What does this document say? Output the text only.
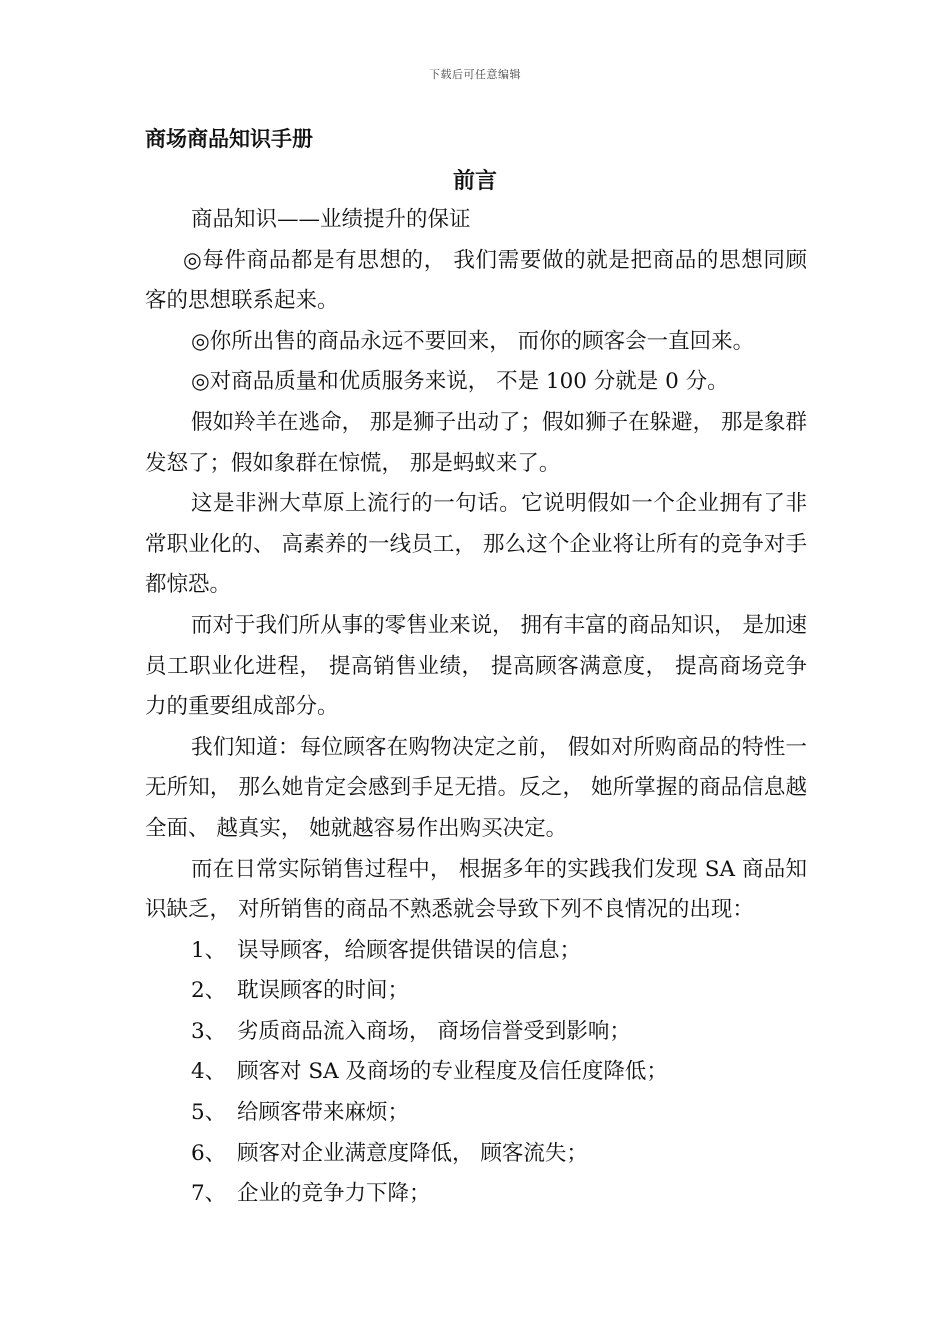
下载后可任意编辑
商场商品知识手册
前言

商品知识——业绩提升的保证

◎每件商品都是有思想的， 我们需要做的就是把商品的思想同顾客的思想联系起来。

◎你所出售的商品永远不要回来， 而你的顾客会一直回来。

◎对商品质量和优质服务来说， 不是 100 分就是 0 分。

假如羚羊在逃命， 那是狮子出动了；假如狮子在躲避， 那是象群发怒了；假如象群在惊慌， 那是蚂蚁来了。

这是非洲大草原上流行的一句话。它说明假如一个企业拥有了非常职业化的、 高素养的一线员工， 那么这个企业将让所有的竞争对手都惊恐。

而对于我们所从事的零售业来说， 拥有丰富的商品知识， 是加速员工职业化进程， 提高销售业绩， 提高顾客满意度， 提高商场竞争力的重要组成部分。

我们知道：每位顾客在购物决定之前， 假如对所购商品的特性一无所知， 那么她肯定会感到手足无措。反之， 她所掌握的商品信息越全面、 越真实， 她就越容易作出购买决定。

而在日常实际销售过程中， 根据多年的实践我们发现 SA 商品知识缺乏， 对所销售的商品不熟悉就会导致下列不良情况的出现：

1、 误导顾客，给顾客提供错误的信息；
2、 耽误顾客的时间；
3、 劣质商品流入商场， 商场信誉受到影响；
4、 顾客对 SA 及商场的专业程度及信任度降低；
5、 给顾客带来麻烦；
6、 顾客对企业满意度降低， 顾客流失；
7、 企业的竞争力下降；
